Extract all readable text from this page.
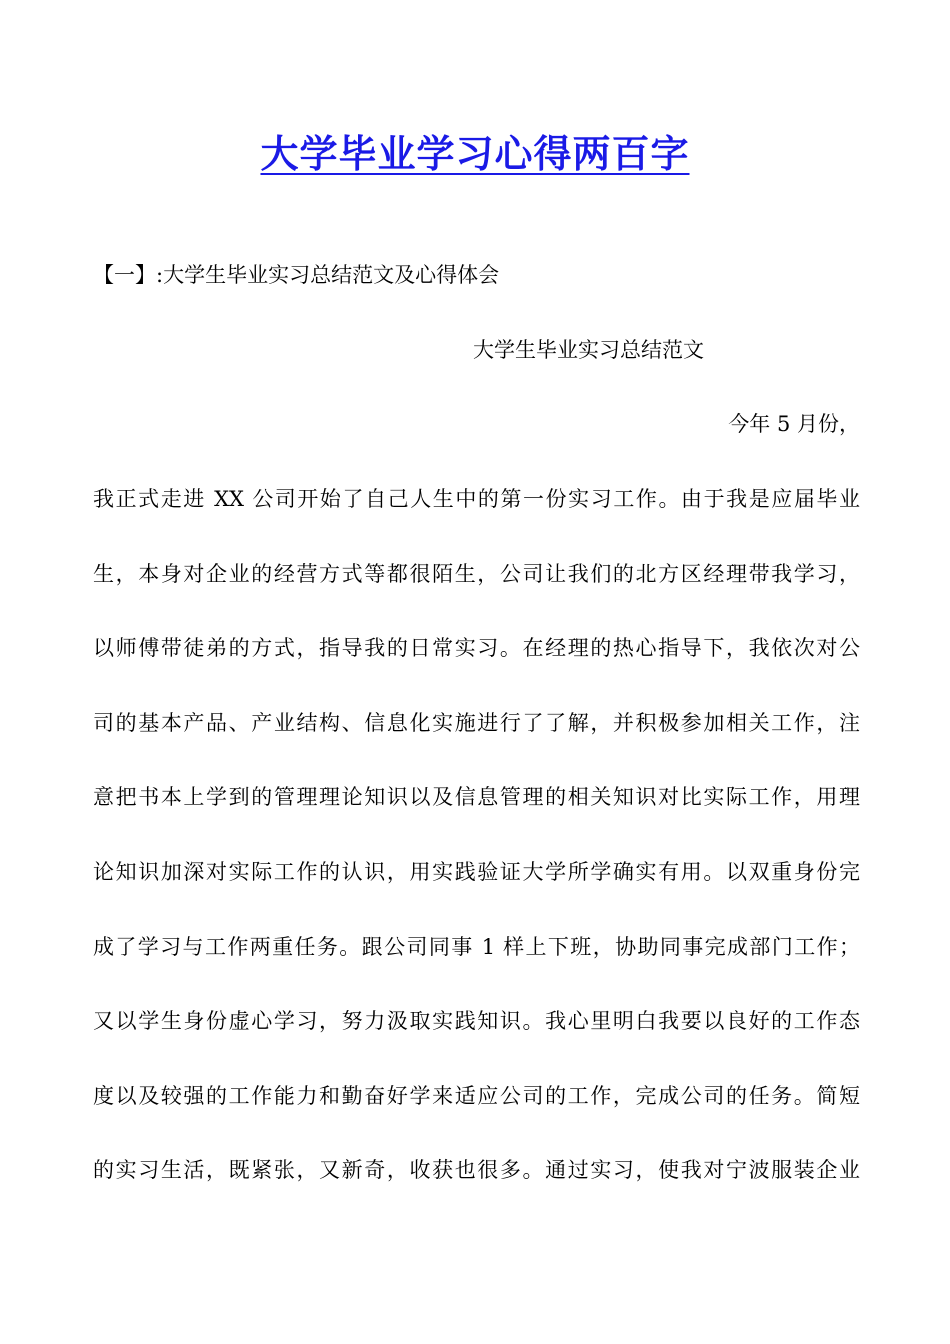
大学毕业学习心得两百字
【一】:大学生毕业实习总结范文及心得体会
大学生毕业实习总结范文
今年 5 月份，
我正式走进 XX 公司开始了自己人生中的第一份实习工作。由于我是应届毕业
生，本身对企业的经营方式等都很陌生，公司让我们的北方区经理带我学习，
以师傅带徒弟的方式，指导我的日常实习。在经理的热心指导下，我依次对公
司的基本产品、产业结构、信息化实施进行了了解，并积极参加相关工作，注
意把书本上学到的管理理论知识以及信息管理的相关知识对比实际工作，用理
论知识加深对实际工作的认识，用实践验证大学所学确实有用。以双重身份完
成了学习与工作两重任务。跟公司同事 1 样上下班，协助同事完成部门工作；
又以学生身份虚心学习，努力汲取实践知识。我心里明白我要以良好的工作态
度以及较强的工作能力和勤奋好学来适应公司的工作，完成公司的任务。简短
的实习生活，既紧张，又新奇，收获也很多。通过实习，使我对宁波服装企业
